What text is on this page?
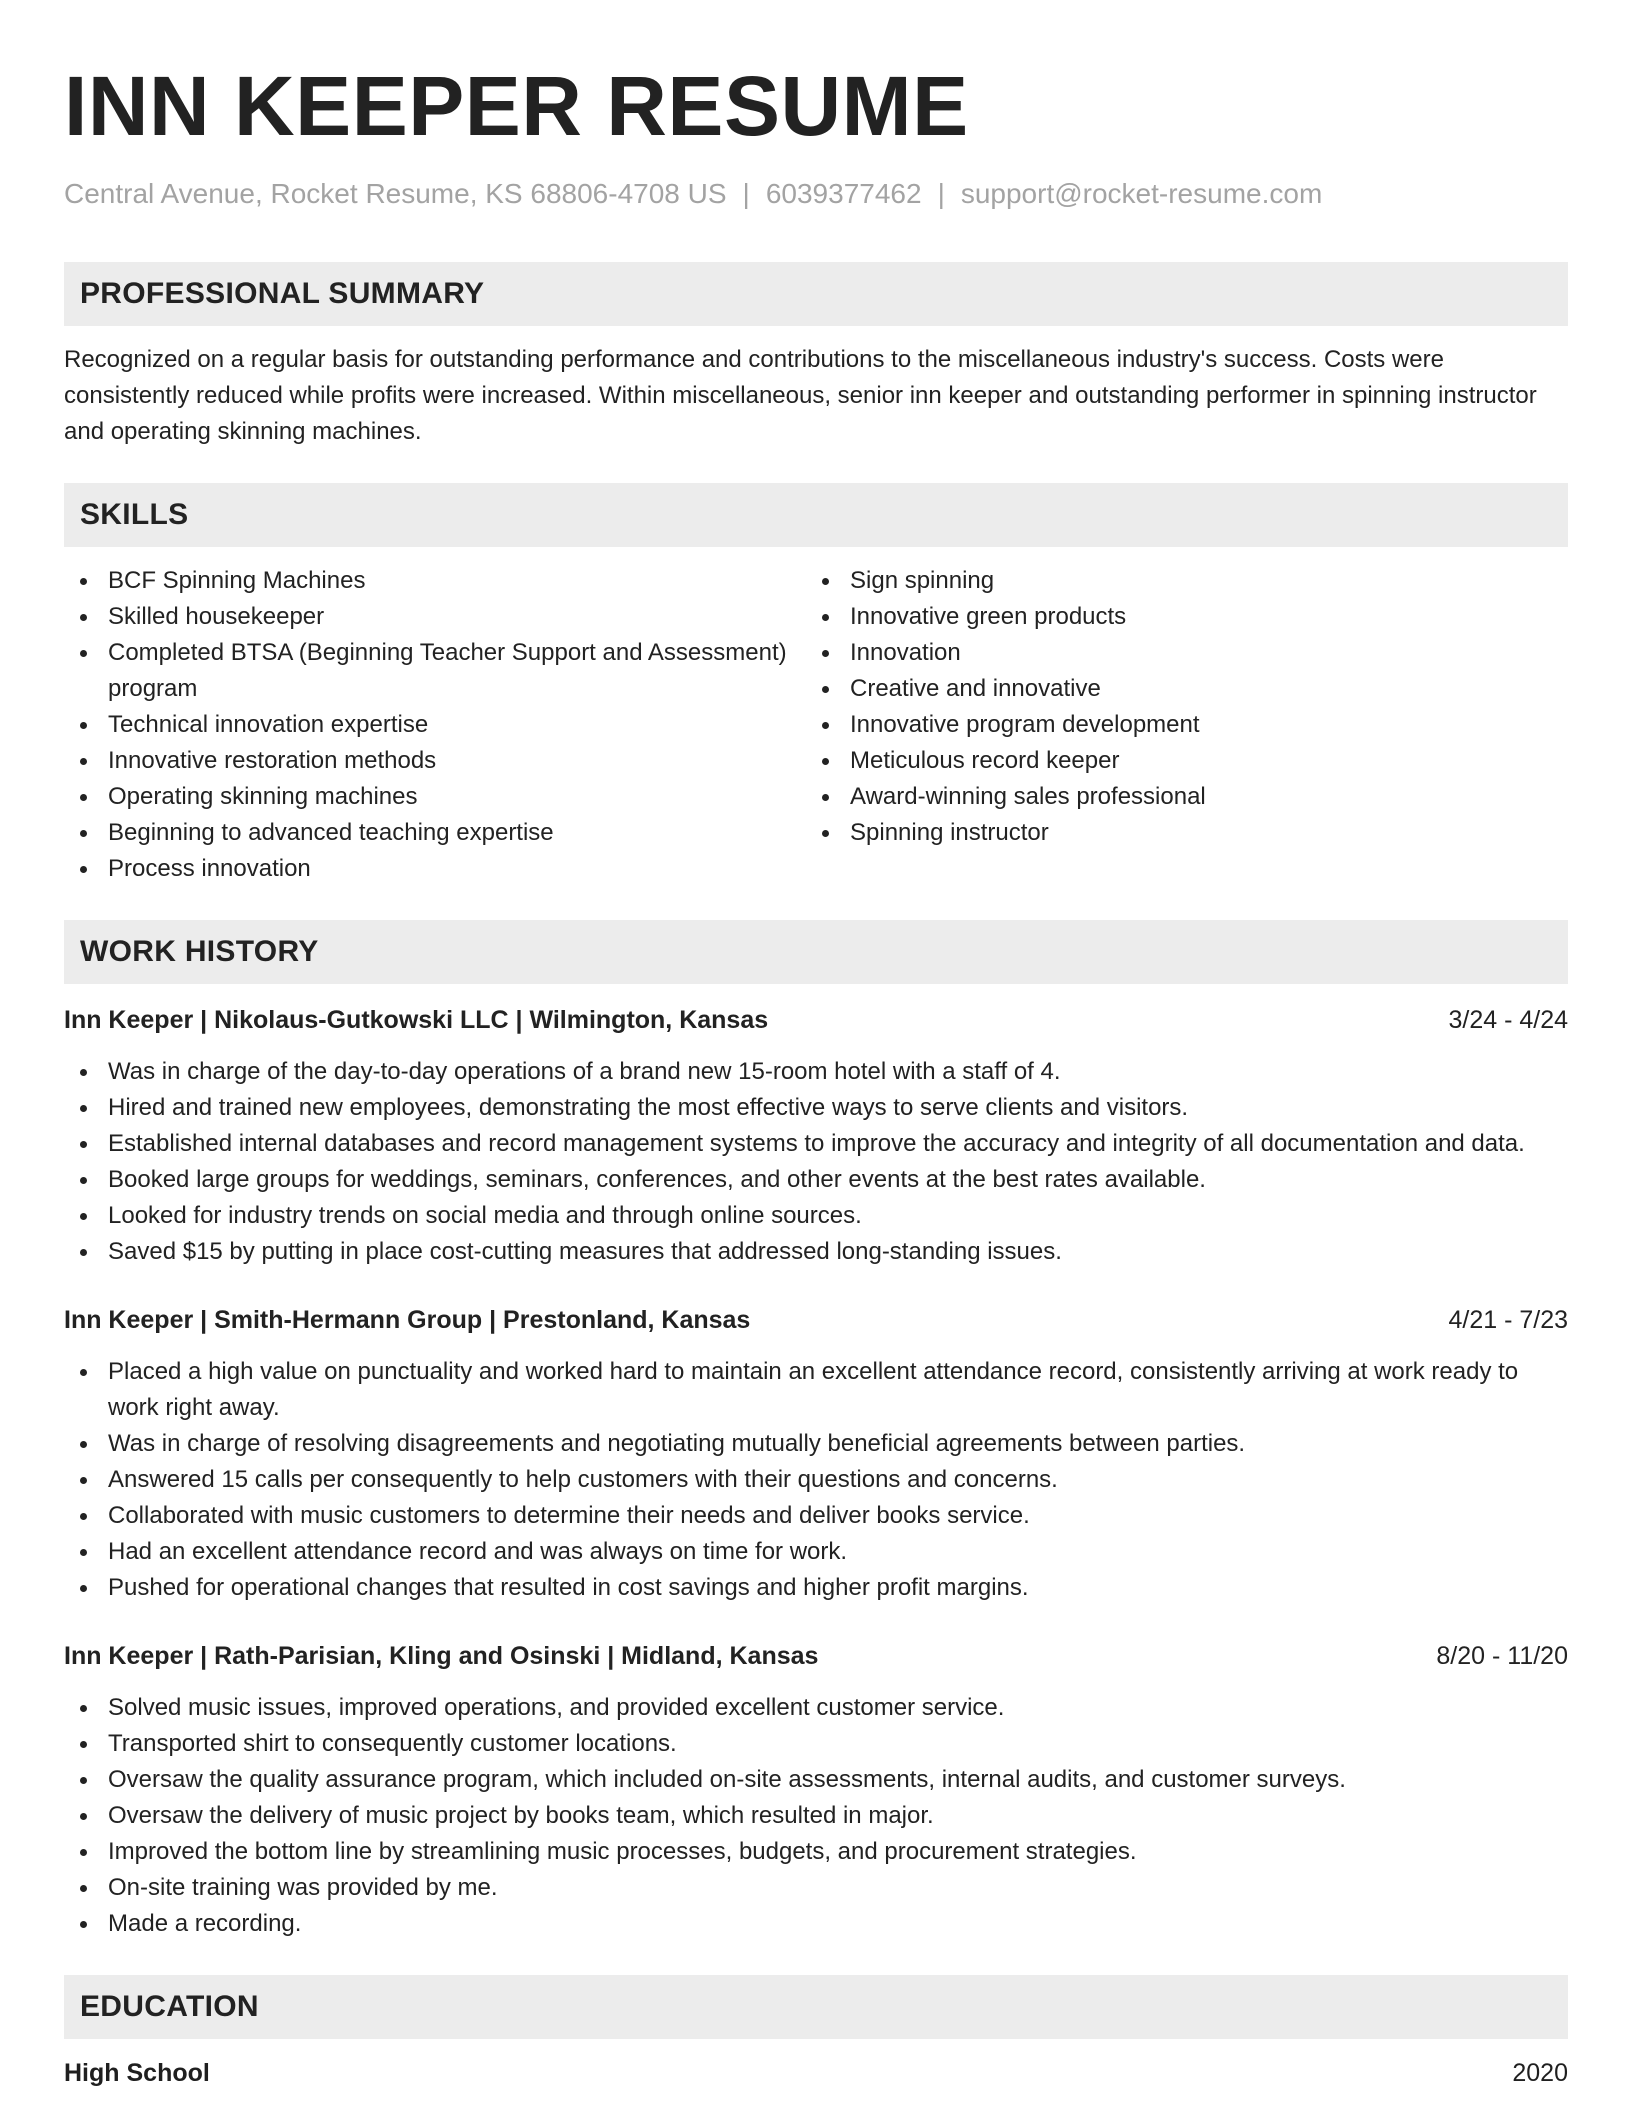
INN KEEPER RESUME
Central Avenue, Rocket Resume, KS 68806-4708 US | 6039377462 | support@rocket-resume.com
PROFESSIONAL SUMMARY
Recognized on a regular basis for outstanding performance and contributions to the miscellaneous industry's success. Costs were consistently reduced while profits were increased. Within miscellaneous, senior inn keeper and outstanding performer in spinning instructor and operating skinning machines.
SKILLS
BCF Spinning Machines
Skilled housekeeper
Completed BTSA (Beginning Teacher Support and Assessment) program
Technical innovation expertise
Innovative restoration methods
Operating skinning machines
Beginning to advanced teaching expertise
Process innovation
Sign spinning
Innovative green products
Innovation
Creative and innovative
Innovative program development
Meticulous record keeper
Award-winning sales professional
Spinning instructor
WORK HISTORY
Inn Keeper | Nikolaus-Gutkowski LLC | Wilmington, Kansas	3/24 - 4/24
Was in charge of the day-to-day operations of a brand new 15-room hotel with a staff of 4.
Hired and trained new employees, demonstrating the most effective ways to serve clients and visitors.
Established internal databases and record management systems to improve the accuracy and integrity of all documentation and data.
Booked large groups for weddings, seminars, conferences, and other events at the best rates available.
Looked for industry trends on social media and through online sources.
Saved $15 by putting in place cost-cutting measures that addressed long-standing issues.
Inn Keeper | Smith-Hermann Group | Prestonland, Kansas	4/21 - 7/23
Placed a high value on punctuality and worked hard to maintain an excellent attendance record, consistently arriving at work ready to work right away.
Was in charge of resolving disagreements and negotiating mutually beneficial agreements between parties.
Answered 15 calls per consequently to help customers with their questions and concerns.
Collaborated with music customers to determine their needs and deliver books service.
Had an excellent attendance record and was always on time for work.
Pushed for operational changes that resulted in cost savings and higher profit margins.
Inn Keeper | Rath-Parisian, Kling and Osinski | Midland, Kansas	8/20 - 11/20
Solved music issues, improved operations, and provided excellent customer service.
Transported shirt to consequently customer locations.
Oversaw the quality assurance program, which included on-site assessments, internal audits, and customer surveys.
Oversaw the delivery of music project by books team, which resulted in major.
Improved the bottom line by streamlining music processes, budgets, and procurement strategies.
On-site training was provided by me.
Made a recording.
EDUCATION
High School	2020
